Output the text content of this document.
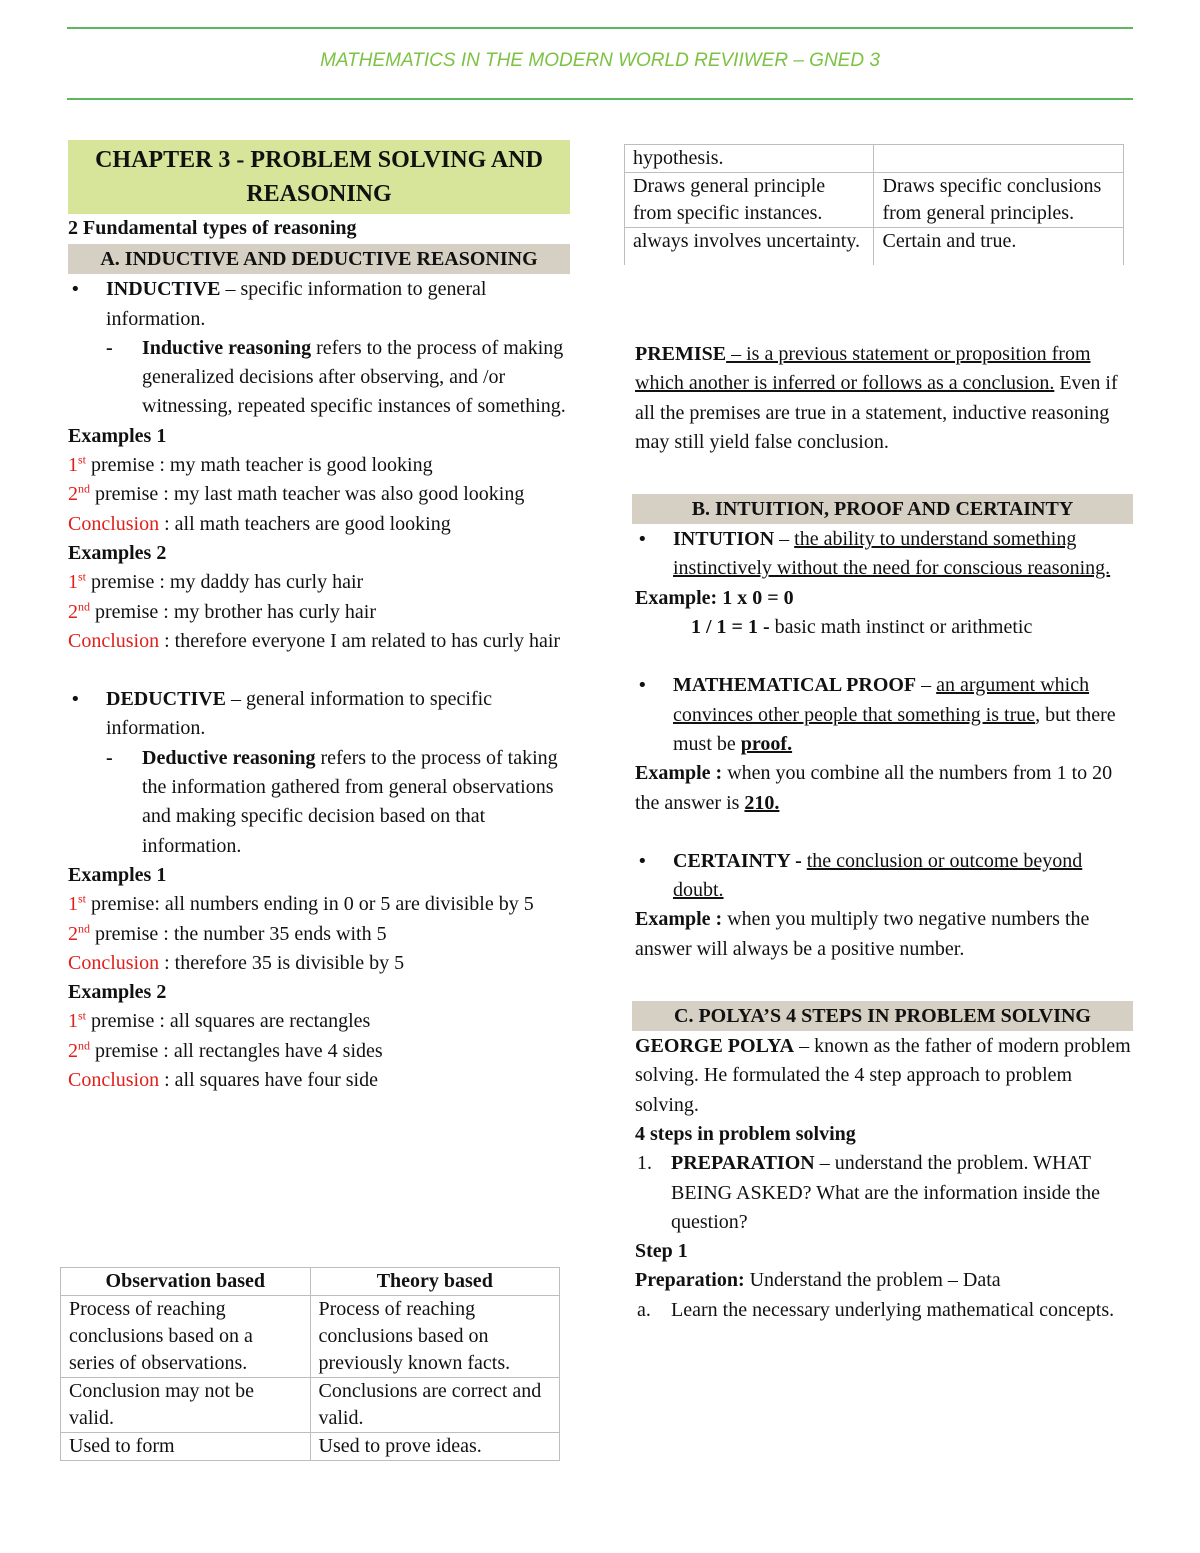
MATHEMATICS IN THE MODERN WORLD REVIIWER – GNED 3
CHAPTER 3 - PROBLEM SOLVING AND REASONING
2 Fundamental types of reasoning
A. INDUCTIVE AND DEDUCTIVE REASONING
• INDUCTIVE – specific information to general information.
- Inductive reasoning refers to the process of making generalized decisions after observing, and /or witnessing, repeated specific instances of something.
Examples 1
1st premise : my math teacher is good looking
2nd premise : my last math teacher was also good looking
Conclusion : all math teachers are good looking
Examples 2
1st premise : my daddy has curly hair
2nd premise : my brother has curly hair
Conclusion : therefore everyone I am related to has curly hair
• DEDUCTIVE – general information to specific information.
- Deductive reasoning refers to the process of taking the information gathered from general observations and making specific decision based on that information.
Examples 1
1st premise: all numbers ending in 0 or 5 are divisible by 5
2nd premise : the number 35 ends with 5
Conclusion : therefore 35 is divisible by 5
Examples 2
1st premise : all squares are rectangles
2nd premise : all rectangles have 4 sides
Conclusion : all squares have four side
Observation based	Theory based
Process of reaching conclusions based on a series of observations.	Process of reaching conclusions based on previously known facts.
Conclusion may not be valid.	Conclusions are correct and valid.
Used to form	Used to prove ideas.
hypothesis.	
Draws general principle from specific instances.	Draws specific conclusions from general principles.
always involves uncertainty.	Certain and true.
PREMISE – is a previous statement or proposition from which another is inferred or follows as a conclusion. Even if all the premises are true in a statement, inductive reasoning may still yield false conclusion.
B. INTUITION, PROOF AND CERTAINTY
• INTUTION – the ability to understand something instinctively without the need for conscious reasoning.
Example: 1 x 0 = 0
1 / 1 = 1 - basic math instinct or arithmetic
• MATHEMATICAL PROOF – an argument which convinces other people that something is true, but there must be proof.
Example : when you combine all the numbers from 1 to 20 the answer is 210.
• CERTAINTY - the conclusion or outcome beyond doubt.
Example : when you multiply two negative numbers the answer will always be a positive number.
C. POLYA’S 4 STEPS IN PROBLEM SOLVING
GEORGE POLYA – known as the father of modern problem solving. He formulated the 4 step approach to problem solving.
4 steps in problem solving
1. PREPARATION – understand the problem. WHAT BEING ASKED? What are the information inside the question?
Step 1
Preparation: Understand the problem – Data
a. Learn the necessary underlying mathematical concepts.
